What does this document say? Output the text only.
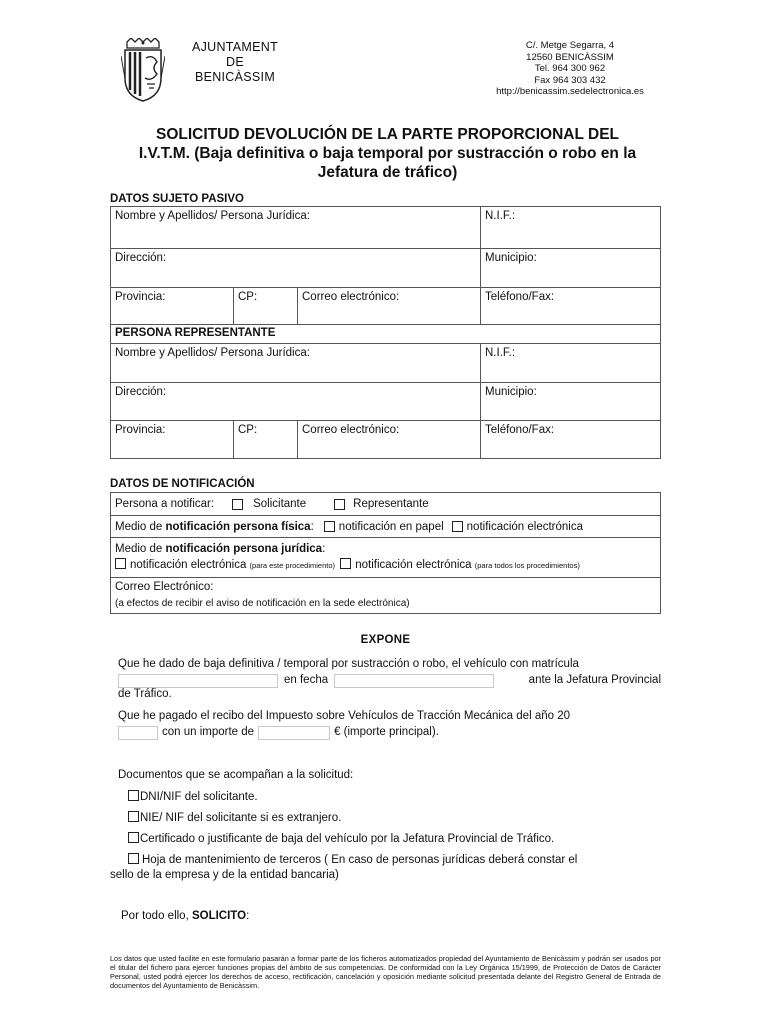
AJUNTAMENT
DE
BENICÀSSIM
C/. Metge Segarra, 4
12560 BENICÀSSIM
Tel. 964 300 962
Fax 964 303 432
http://benicassim.sedelectronica.es
SOLICITUD DEVOLUCIÓN DE LA PARTE PROPORCIONAL DEL
I.V.T.M. (Baja definitiva o baja temporal por sustracción o robo en la
Jefatura de tráfico)
DATOS SUJETO PASIVO
Nombre y Apellidos/ Persona Jurídica:	N.I.F.:
Dirección:	Municipio:
Provincia:	CP:	Correo electrónico:	Teléfono/Fax:
PERSONA REPRESENTANTE
Nombre y Apellidos/ Persona Jurídica:	N.I.F.:
Dirección:	Municipio:
Provincia:	CP:	Correo electrónico:	Teléfono/Fax:
DATOS DE NOTIFICACIÓN
Persona a notificar:	Solicitante	Representante
Medio de notificación persona física: notificación en papel notificación electrónica
Medio de notificación persona jurídica:
notificación electrónica (para este procedimiento) notificación electrónica (para todos los procedimientos)
Correo Electrónico:
(a efectos de recibir el aviso de notificación en la sede electrónica)
EXPONE
Que he dado de baja definitiva / temporal por sustracción o robo, el vehículo con matrícula
en fecha	ante la Jefatura Provincial
de Tráfico.
Que he pagado el recibo del Impuesto sobre Vehículos de Tracción Mecánica del año 20
con un importe de	€ (importe principal).
Documentos que se acompañan a la solicitud:
DNI/NIF del solicitante.
NIE/ NIF del solicitante si es extranjero.
Certificado o justificante de baja del vehículo por la Jefatura Provincial de Tráfico.
Hoja de mantenimiento de terceros ( En caso de personas jurídicas deberá constar el
sello de la empresa y de la entidad bancaria)
Por todo ello, SOLICITO:
Los datos que usted facilite en este formulario pasarán a formar parte de los ficheros automatizados propiedad del Ayuntamiento de Benicàssim y podrán ser usados por el titular del fichero para ejercer funciones propias del ámbito de sus competencias. De conformidad con la Ley Orgánica 15/1999, de Protección de Datos de Carácter Personal, usted podrá ejercer los derechos de acceso, rectificación, cancelación y oposición mediante solicitud presentada delante del Registro General de Entrada de documentos del Ayuntamiento de Benicàssim.
